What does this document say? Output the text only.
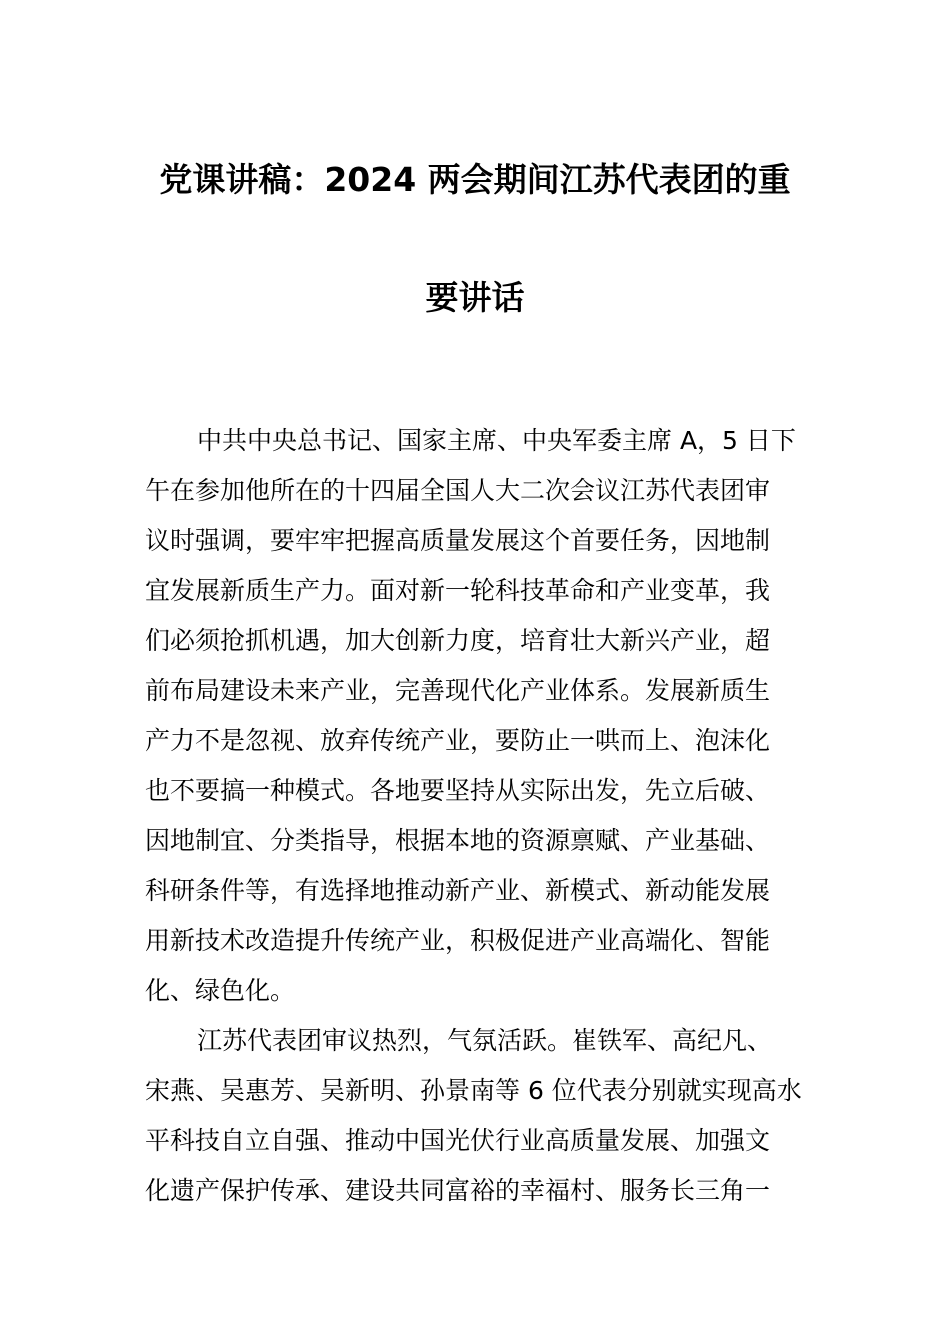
党课讲稿：2024 两会期间江苏代表团的重
要讲话
中共中央总书记、国家主席、中央军委主席 A，5 日下
午在参加他所在的十四届全国人大二次会议江苏代表团审
议时强调，要牢牢把握高质量发展这个首要任务，因地制
宜发展新质生产力。面对新一轮科技革命和产业变革，我
们必须抢抓机遇，加大创新力度，培育壮大新兴产业，超
前布局建设未来产业，完善现代化产业体系。发展新质生
产力不是忽视、放弃传统产业，要防止一哄而上、泡沫化
也不要搞一种模式。各地要坚持从实际出发，先立后破、
因地制宜、分类指导，根据本地的资源禀赋、产业基础、
科研条件等，有选择地推动新产业、新模式、新动能发展
用新技术改造提升传统产业，积极促进产业高端化、智能
化、绿色化。
江苏代表团审议热烈，气氛活跃。崔铁军、高纪凡、
宋燕、吴惠芳、吴新明、孙景南等 6 位代表分别就实现高水
平科技自立自强、推动中国光伏行业高质量发展、加强文
化遗产保护传承、建设共同富裕的幸福村、服务长三角一
